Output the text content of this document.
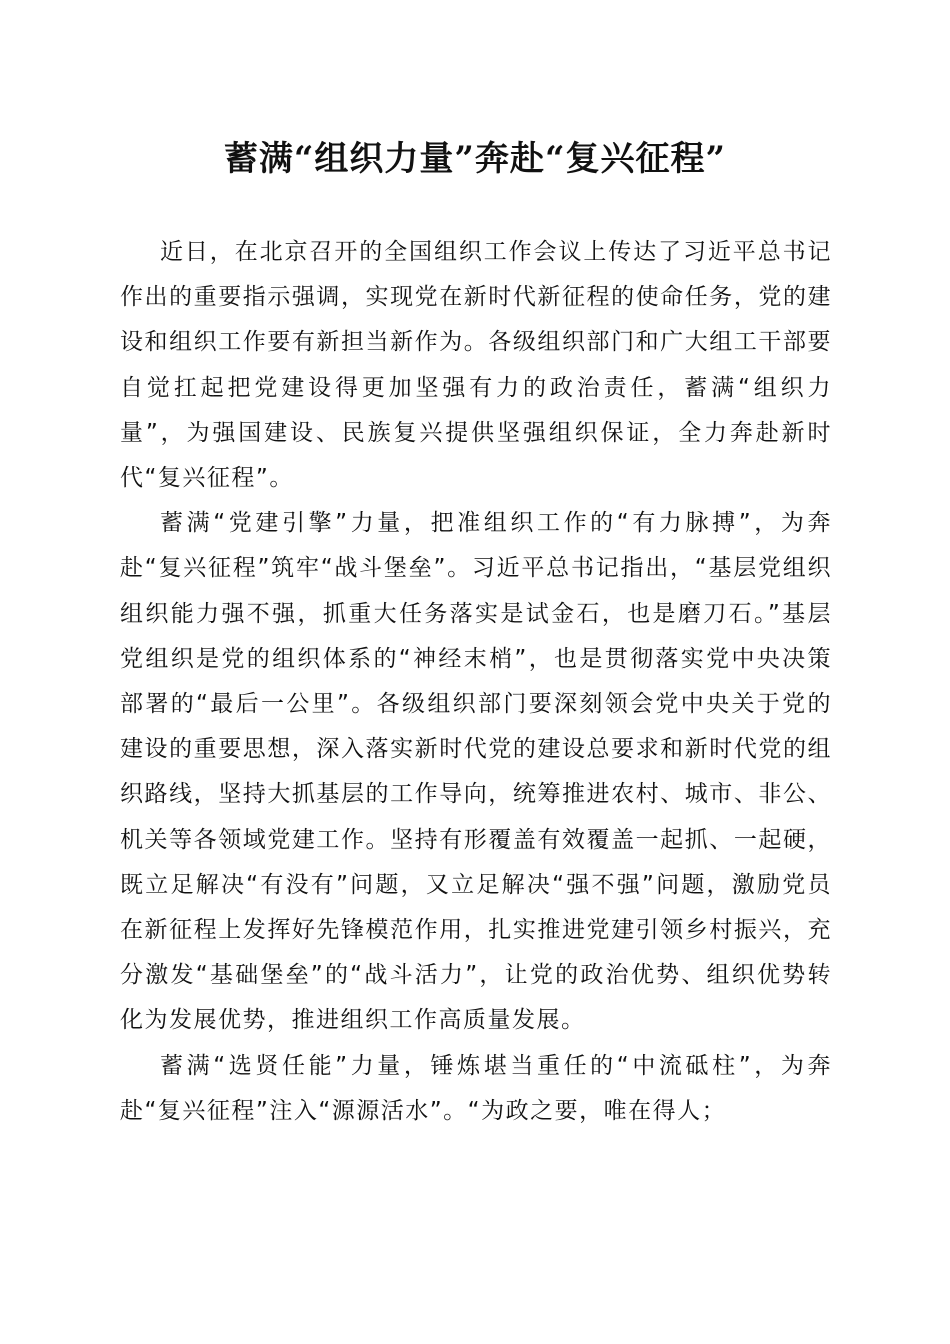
蓄满“组织力量”奔赴“复兴征程”

近日，在北京召开的全国组织工作会议上传达了习近平总书记作出的重要指示强调，实现党在新时代新征程的使命任务，党的建设和组织工作要有新担当新作为。各级组织部门和广大组工干部要自觉扛起把党建设得更加坚强有力的政治责任，蓄满“组织力量”，为强国建设、民族复兴提供坚强组织保证，全力奔赴新时代“复兴征程”。

蓄满“党建引擎”力量，把准组织工作的“有力脉搏”，为奔赴“复兴征程”筑牢“战斗堡垒”。习近平总书记指出，“基层党组织组织能力强不强，抓重大任务落实是试金石，也是磨刀石。”基层党组织是党的组织体系的“神经末梢”，也是贯彻落实党中央决策部署的“最后一公里”。各级组织部门要深刻领会党中央关于党的建设的重要思想，深入落实新时代党的建设总要求和新时代党的组织路线，坚持大抓基层的工作导向，统筹推进农村、城市、非公、机关等各领域党建工作。坚持有形覆盖有效覆盖一起抓、一起硬，既立足解决“有没有”问题，又立足解决“强不强”问题，激励党员在新征程上发挥好先锋模范作用，扎实推进党建引领乡村振兴，充分激发“基础堡垒”的“战斗活力”，让党的政治优势、组织优势转化为发展优势，推进组织工作高质量发展。

蓄满“选贤任能”力量，锤炼堪当重任的“中流砥柱”，为奔赴“复兴征程”注入“源源活水”。“为政之要，唯在得人；
